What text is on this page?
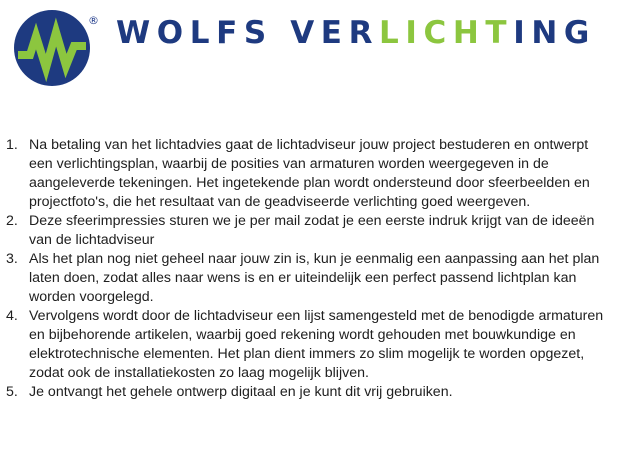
® WOLFS VERLICHTING
1. Na betaling van het lichtadvies gaat de lichtadviseur jouw project bestuderen en ontwerpt een verlichtingsplan, waarbij de posities van armaturen worden weergegeven in de aangeleverde tekeningen. Het ingetekende plan wordt ondersteund door sfeerbeelden en projectfoto's, die het resultaat van de geadviseerde verlichting goed weergeven.
2. Deze sfeerimpressies sturen we je per mail zodat je een eerste indruk krijgt van de ideeën van de lichtadviseur
3. Als het plan nog niet geheel naar jouw zin is, kun je eenmalig een aanpassing aan het plan laten doen, zodat alles naar wens is en er uiteindelijk een perfect passend lichtplan kan worden voorgelegd.
4. Vervolgens wordt door de lichtadviseur een lijst samengesteld met de benodigde armaturen en bijbehorende artikelen, waarbij goed rekening wordt gehouden met bouwkundige en elektrotechnische elementen. Het plan dient immers zo slim mogelijk te worden opgezet, zodat ook de installatiekosten zo laag mogelijk blijven.
5. Je ontvangt het gehele ontwerp digitaal en je kunt dit vrij gebruiken.
